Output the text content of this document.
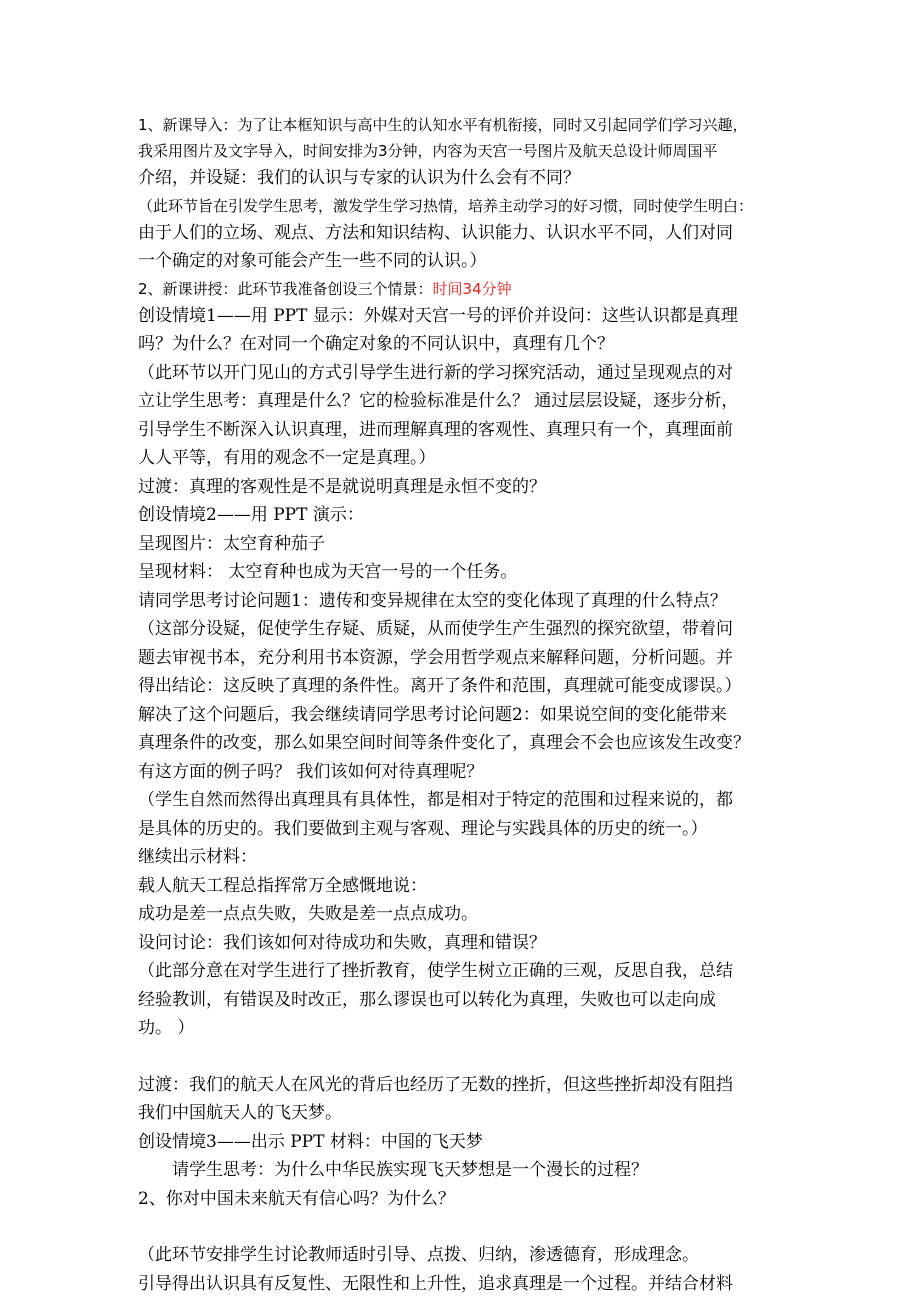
1、新课导入：为了让本框知识与高中生的认知水平有机衔接，同时又引起同学们学习兴趣，
我采用图片及文字导入，时间安排为3分钟，内容为天宫一号图片及航天总设计师周国平
介绍，并设疑：我们的认识与专家的认识为什么会有不同？
（此环节旨在引发学生思考，激发学生学习热情，培养主动学习的好习惯，同时使学生明白：
由于人们的立场、观点、方法和知识结构、认识能力、认识水平不同，人们对同
一个确定的对象可能会产生一些不同的认识。）
2、新课讲授：此环节我准备创设三个情景：时间34分钟
创设情境1——用 PPT 显示：外媒对天宫一号的评价并设问：这些认识都是真理
吗？为什么？在对同一个确定对象的不同认识中，真理有几个？
（此环节以开门见山的方式引导学生进行新的学习探究活动，通过呈现观点的对
立让学生思考：真理是什么？它的检验标准是什么？ 通过层层设疑，逐步分析，
引导学生不断深入认识真理，进而理解真理的客观性、真理只有一个，真理面前
人人平等，有用的观念不一定是真理。）
过渡：真理的客观性是不是就说明真理是永恒不变的？
创设情境2——用 PPT 演示：
呈现图片：太空育种茄子
呈现材料： 太空育种也成为天宫一号的一个任务。
请同学思考讨论问题1：遗传和变异规律在太空的变化体现了真理的什么特点？
（这部分设疑，促使学生存疑、质疑，从而使学生产生强烈的探究欲望，带着问
题去审视书本，充分利用书本资源，学会用哲学观点来解释问题，分析问题。并
得出结论：这反映了真理的条件性。离开了条件和范围，真理就可能变成谬误。）
解决了这个问题后，我会继续请同学思考讨论问题2：如果说空间的变化能带来
真理条件的改变，那么如果空间时间等条件变化了，真理会不会也应该发生改变？
有这方面的例子吗？ 我们该如何对待真理呢？
（学生自然而然得出真理具有具体性，都是相对于特定的范围和过程来说的，都
是具体的历史的。我们要做到主观与客观、理论与实践具体的历史的统一。）
继续出示材料：
载人航天工程总指挥常万全感慨地说：
成功是差一点点失败，失败是差一点点成功。
设问讨论：我们该如何对待成功和失败，真理和错误？
（此部分意在对学生进行了挫折教育，使学生树立正确的三观，反思自我，总结
经验教训，有错误及时改正，那么谬误也可以转化为真理，失败也可以走向成
功。 ）
过渡：我们的航天人在风光的背后也经历了无数的挫折，但这些挫折却没有阻挡
我们中国航天人的飞天梦。
创设情境3——出示 PPT 材料：中国的飞天梦
请学生思考：为什么中华民族实现飞天梦想是一个漫长的过程？
2、你对中国未来航天有信心吗？为什么？
（此环节安排学生讨论教师适时引导、点拨、归纳，渗透德育，形成理念。
引导得出认识具有反复性、无限性和上升性，追求真理是一个过程。并结合材料
